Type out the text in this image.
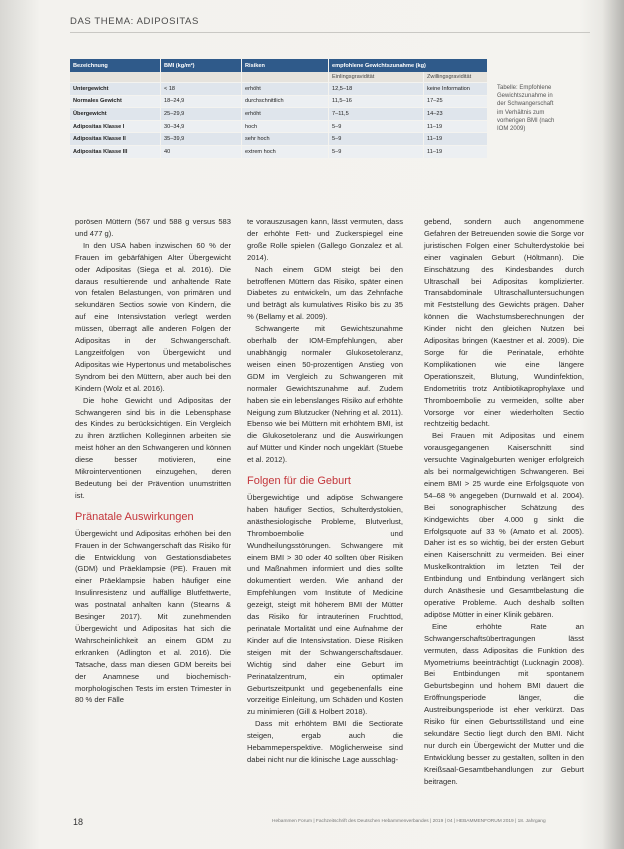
DAS THEMA: ADIPOSITAS
Bezeichnung	BMI (kg/m²)	Risiken	empfohlene Gewichtszunahme (kg)	
			Einlingsgravidität	Zwillingsgravidität
Untergewicht	< 18	erhöht	12,5–18	keine Information
Normales Gewicht	18–24,9	durchschnittlich	11,5–16	17–25
Übergewicht	25–29,9	erhöht	7–11,5	14–23
Adipositas Klasse I	30–34,9	hoch	5–9	11–19
Adipositas Klasse II	35–39,9	sehr hoch	5–9	11–19
Adipositas Klasse III	40	extrem hoch	5–9	11–19
Tabelle: Empfohlene Gewichtszunahme in der Schwangerschaft im Verhältnis zum vorherigen BMI (nach IOM 2009)

porösen Müttern (567 und 588 g versus 583 und 477 g).

In den USA haben inzwischen 60 % der Frauen im gebärfähigen Alter Übergewicht oder Adipositas (Siega et al. 2016). Die daraus resultierende und anhaltende Rate von fetalen Belastungen, von primären und sekundären Sectios sowie von Kindern, die auf eine Intensivstation verlegt werden müssen, überragt alle anderen Folgen der Adipositas in der Schwangerschaft. Langzeitfolgen von Übergewicht und Adipositas wie Hypertonus und metabolisches Syndrom bei den Müttern, aber auch bei den Kindern (Wolz et al. 2016).

Die hohe Gewicht und Adipositas der Schwangeren sind bis in die Lebensphase des Kindes zu berücksichtigen. Ein Vergleich zu ihren ärztlichen Kolleginnen arbeiten sie meist höher an den Schwangeren und können diese besser motivieren, eine Mikrointerventionen einzugehen, deren Bedeutung bei der Prävention unumstritten ist.

Pränatale Auswirkungen

Übergewicht und Adipositas erhöhen bei den Frauen in der Schwangerschaft das Risiko für die Entwicklung von Gestationsdiabetes (GDM) und Präeklampsie (PE). Frauen mit einer Präeklampsie haben häufiger eine Insulinresistenz und auffällige Blutfettwerte, was postnatal anhalten kann (Stearns & Besinger 2017). Mit zunehmenden Übergewicht und Adipositas hat sich die Wahrscheinlichkeit an einem GDM zu erkranken (Adlington et al. 2016). Die Tatsache, dass man diesen GDM bereits bei der Anamnese und biochemisch-morphologischen Tests im ersten Trimester in 80 % der Fälle

te vorauszusagen kann, lässt vermuten, dass der erhöhte Fett- und Zuckerspiegel eine große Rolle spielen (Gallego Gonzalez et al. 2014).

Nach einem GDM steigt bei den betroffenen Müttern das Risiko, später einen Diabetes zu entwickeln, um das Zehnfache und beträgt als kumulatives Risiko bis zu 35 % (Bellamy et al. 2009).

Schwangerte mit Gewichtszunahme oberhalb der IOM-Empfehlungen, aber unabhängig normaler Glukosetoleranz, weisen einen 50-prozentigen Anstieg von GDM im Vergleich zu Schwangeren mit normaler Gewichtszunahme auf. Zudem haben sie ein lebenslanges Risiko auf erhöhte Neigung zum Blutzucker (Nehring et al. 2011). Ebenso wie bei Müttern mit erhöhtem BMI, ist die Glukosetoleranz und die Auswirkungen auf Mütter und Kinder noch ungeklärt (Stuebe et al. 2012).

Folgen für die Geburt

Übergewichtige und adipöse Schwangere haben häufiger Sectios, Schulterdystokien, anästhesiologische Probleme, Blutverlust, Thromboembolie und Wundheilungsstörungen. Schwangere mit einem BMI > 30 oder 40 sollten über Risiken und Maßnahmen informiert und dies sollte dokumentiert werden. Wie anhand der Empfehlungen vom Institute of Medicine gezeigt, steigt mit höherem BMI der Mütter das Risiko für intrauterinen Fruchttod, perinatale Mortalität und eine Aufnahme der Kinder auf die Intensivstation. Diese Risiken steigen mit der Schwangerschaftsdauer. Wichtig sind daher eine Geburt im Perinatalzentrum, ein optimaler Geburtszeitpunkt und gegebenenfalls eine vorzeitige Einleitung, um Schäden und Kosten zu minimieren (Gill & Holbert 2018).

Dass mit erhöhtem BMI die Sectiorate steigen, ergab auch die Hebammeperspektive. Möglicherweise sind dabei nicht nur die klinische Lage ausschlag-

gebend, sondern auch angenommene Gefahren der Betreuenden sowie die Sorge vor juristischen Folgen einer Schulterdystokie bei einer vaginalen Geburt (Höltmann). Die Einschätzung des Kindesbandes durch Ultraschall bei Adipositas komplizierter. Transabdominale Ultraschalluntersuchungen mit Feststellung des Gewichts prägen. Daher können die Wachstumsberechnungen der Kinder nicht den gleichen Nutzen bei Adipositas bringen (Kaestner et al. 2009). Die Sorge für die Perinatale, erhöhte Komplikationen wie eine längere Operationszeit, Blutung, Wundinfektion, Endometritis trotz Antibiotikaprophylaxe und Thromboembolie zu vermeiden, sollte aber Vorsorge vor einer wiederholten Sectio rechtzeitig bedacht.

Bei Frauen mit Adipositas und einem vorausgegangenen Kaiserschnitt sind versuchte Vaginalgeburten weniger erfolgreich als bei normalgewichtigen Schwangeren. Bei einem BMI > 25 wurde eine Erfolgsquote von 54–68 % angegeben (Durnwald et al. 2004). Bei sonographischer Schätzung des Kindgewichts über 4.000 g sinkt die Erfolgsquote auf 33 % (Amato et al. 2005). Daher ist es so wichtig, bei der ersten Geburt einen Kaiserschnitt zu vermeiden. Bei einer Muskelkontraktion im letzten Teil der Entbindung und Entbindung verlängert sich durch Anästhesie und Gesamtbelastung die operative Probleme. Auch deshalb sollten adipöse Mütter in einer Klinik gebären.

Eine erhöhte Rate an Schwangerschaftsübertragungen lässt vermuten, dass Adipositas die Funktion des Myometriums beeinträchtigt (Lucknagin 2008). Bei Entbindungen mit spontanem Geburtsbeginn und hohem BMI dauert die Eröffnungsperiode länger, die Austreibungsperiode ist eher verkürzt. Das Risiko für einen Geburtsstillstand und eine sekundäre Sectio liegt durch den BMI. Nicht nur durch ein Übergewicht der Mutter und die Entwicklung besser zu gestalten, sollten in den Kreißsaal-Gesamtbehandlungen zur Geburt beitragen.

18	Hebammen Forum | Fachzeitschrift des Deutschen Hebammenverbandes | 2019 | 04 | HEBAMMENFORUM 2019 | 18. Jahrgang
